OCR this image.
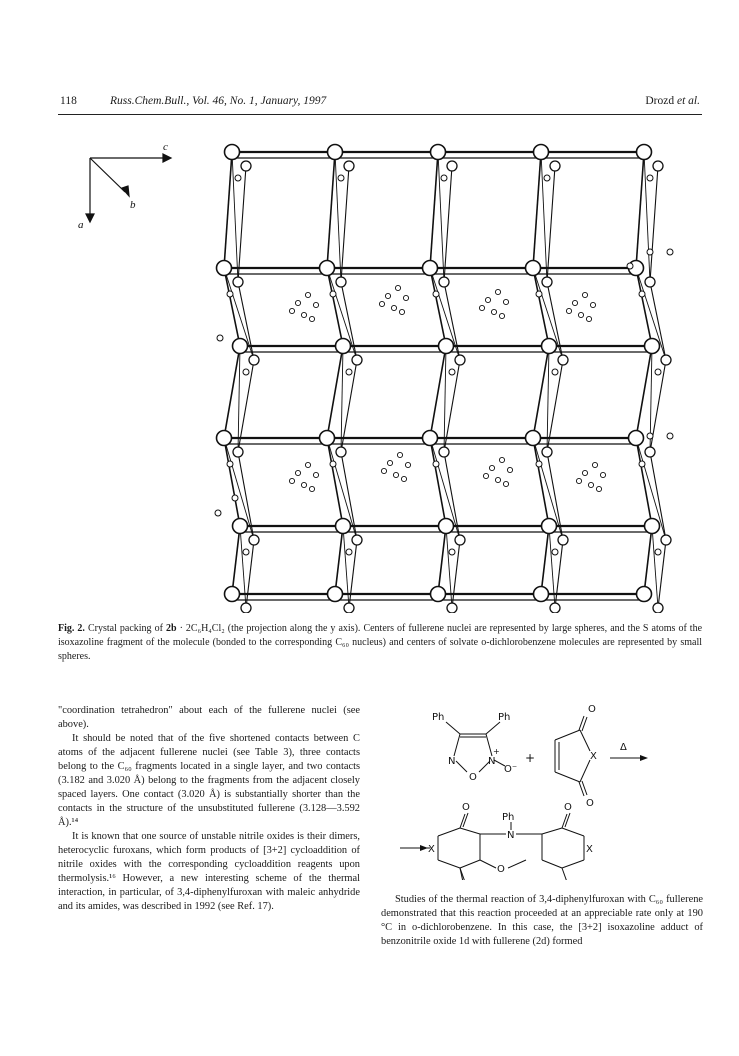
118	Russ.Chem.Bull., Vol. 46, No. 1, January, 1997	Drozd et al.
c
b
a
Fig. 2. Crystal packing of 2b · 2C₆H₄Cl₂ (the projection along the y axis). Centers of fullerene nuclei are represented by large spheres, and the S atoms of the isoxazoline fragment of the molecule (bonded to the corresponding C₆₀ nucleus) and centers of solvate o-dichlorobenzene molecules are represented by small spheres.

"coordination tetrahedron" about each of the fullerene nuclei (see above).

It should be noted that of the five shortened contacts between C atoms of the adjacent fullerene nuclei (see Table 3), three contacts belong to the C₆₀ fragments located in a single layer, and two contacts (3.182 and 3.020 Å) belong to the fragments from the adjacent closely spaced layers. One contact (3.020 Å) is substantially shorter than the contacts in the structure of the unsubstituted fullerene (3.128—3.592 Å).¹⁴

It is known that one source of unstable nitrile oxides is their dimers, heterocyclic furoxans, which form products of [3+2] cycloaddition of nitrile oxides with the corresponding cycloaddition reagents upon thermolysis.¹⁶ However, a new interesting scheme of the thermal interaction, in particular, of 3,4-diphenylfuroxan with maleic anhydride and its amides, was described in 1992 (see Ref. 17).

Ph	Ph
N	N
+
O
O⁻
+
O
X
O
Δ
O
Ph
O
X	X
N
O

Studies of the thermal reaction of 3,4-diphenylfuroxan with C₆₀ fullerene demonstrated that this reaction proceeded at an appreciable rate only at 190 °C in o-dichlorobenzene. In this case, the [3+2] isoxazoline adduct of benzonitrile oxide 1d with fullerene (2d) formed
